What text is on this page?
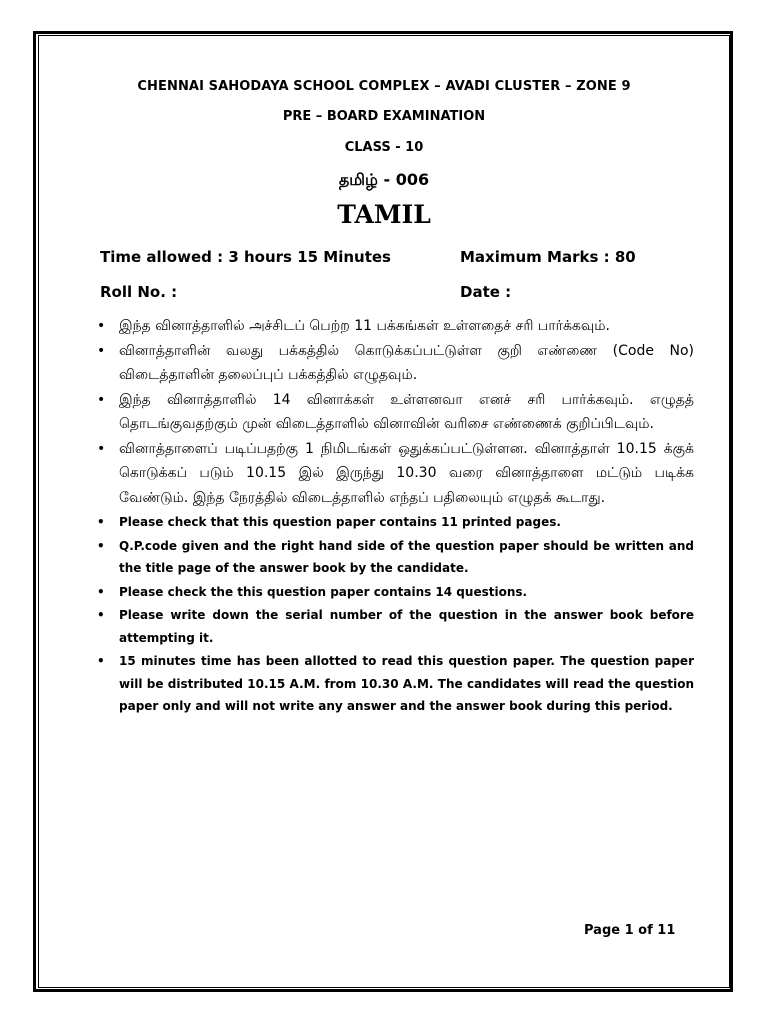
CHENNAI SAHODAYA SCHOOL COMPLEX – AVADI CLUSTER – ZONE 9
PRE – BOARD EXAMINATION
CLASS - 10
தமிழ் - 006
TAMIL
Time allowed : 3 hours 15 Minutes	Maximum Marks : 80
Roll No. :	Date :
• இந்த வினாத்தாளில் அச்சிடப் பெற்ற 11 பக்கங்கள் உள்ளதைச் சரி பார்க்கவும்.
• வினாத்தாளின் வலது பக்கத்தில் கொடுக்கப்பட்டுள்ள குறி எண்ணை (Code No) விடைத்தாளின் தலைப்புப் பக்கத்தில் எழுதவும்.
• இந்த வினாத்தாளில் 14 வினாக்கள் உள்ளனவா எனச் சரி பார்க்கவும். எழுதத் தொடங்குவதற்கும் முன் விடைத்தாளில் வினாவின் வரிசை எண்ணைக் குறிப்பிடவும்.
• வினாத்தாளைப் படிப்பதற்கு 1 நிமிடங்கள் ஒதுக்கப்பட்டுள்ளன. வினாத்தாள் 10.15 க்குக் கொடுக்கப் படும் 10.15 இல் இருந்து 10.30 வரை வினாத்தாளை மட்டும் படிக்க வேண்டும். இந்த நேரத்தில் விடைத்தாளில் எந்தப் பதிலையும் எழுதக் கூடாது.
• Please check that this question paper contains 11 printed pages.
• Q.P.code given and the right hand side of the question paper should be written and the title page of the answer book by the candidate.
• Please check the this question paper contains 14 questions.
• Please write down the serial number of the question in the answer book before attempting it.
• 15 minutes time has been allotted to read this question paper. The question paper will be distributed 10.15 A.M. from 10.30 A.M. The candidates will read the question paper only and will not write any answer and the answer book during this period.
Page 1 of 11
